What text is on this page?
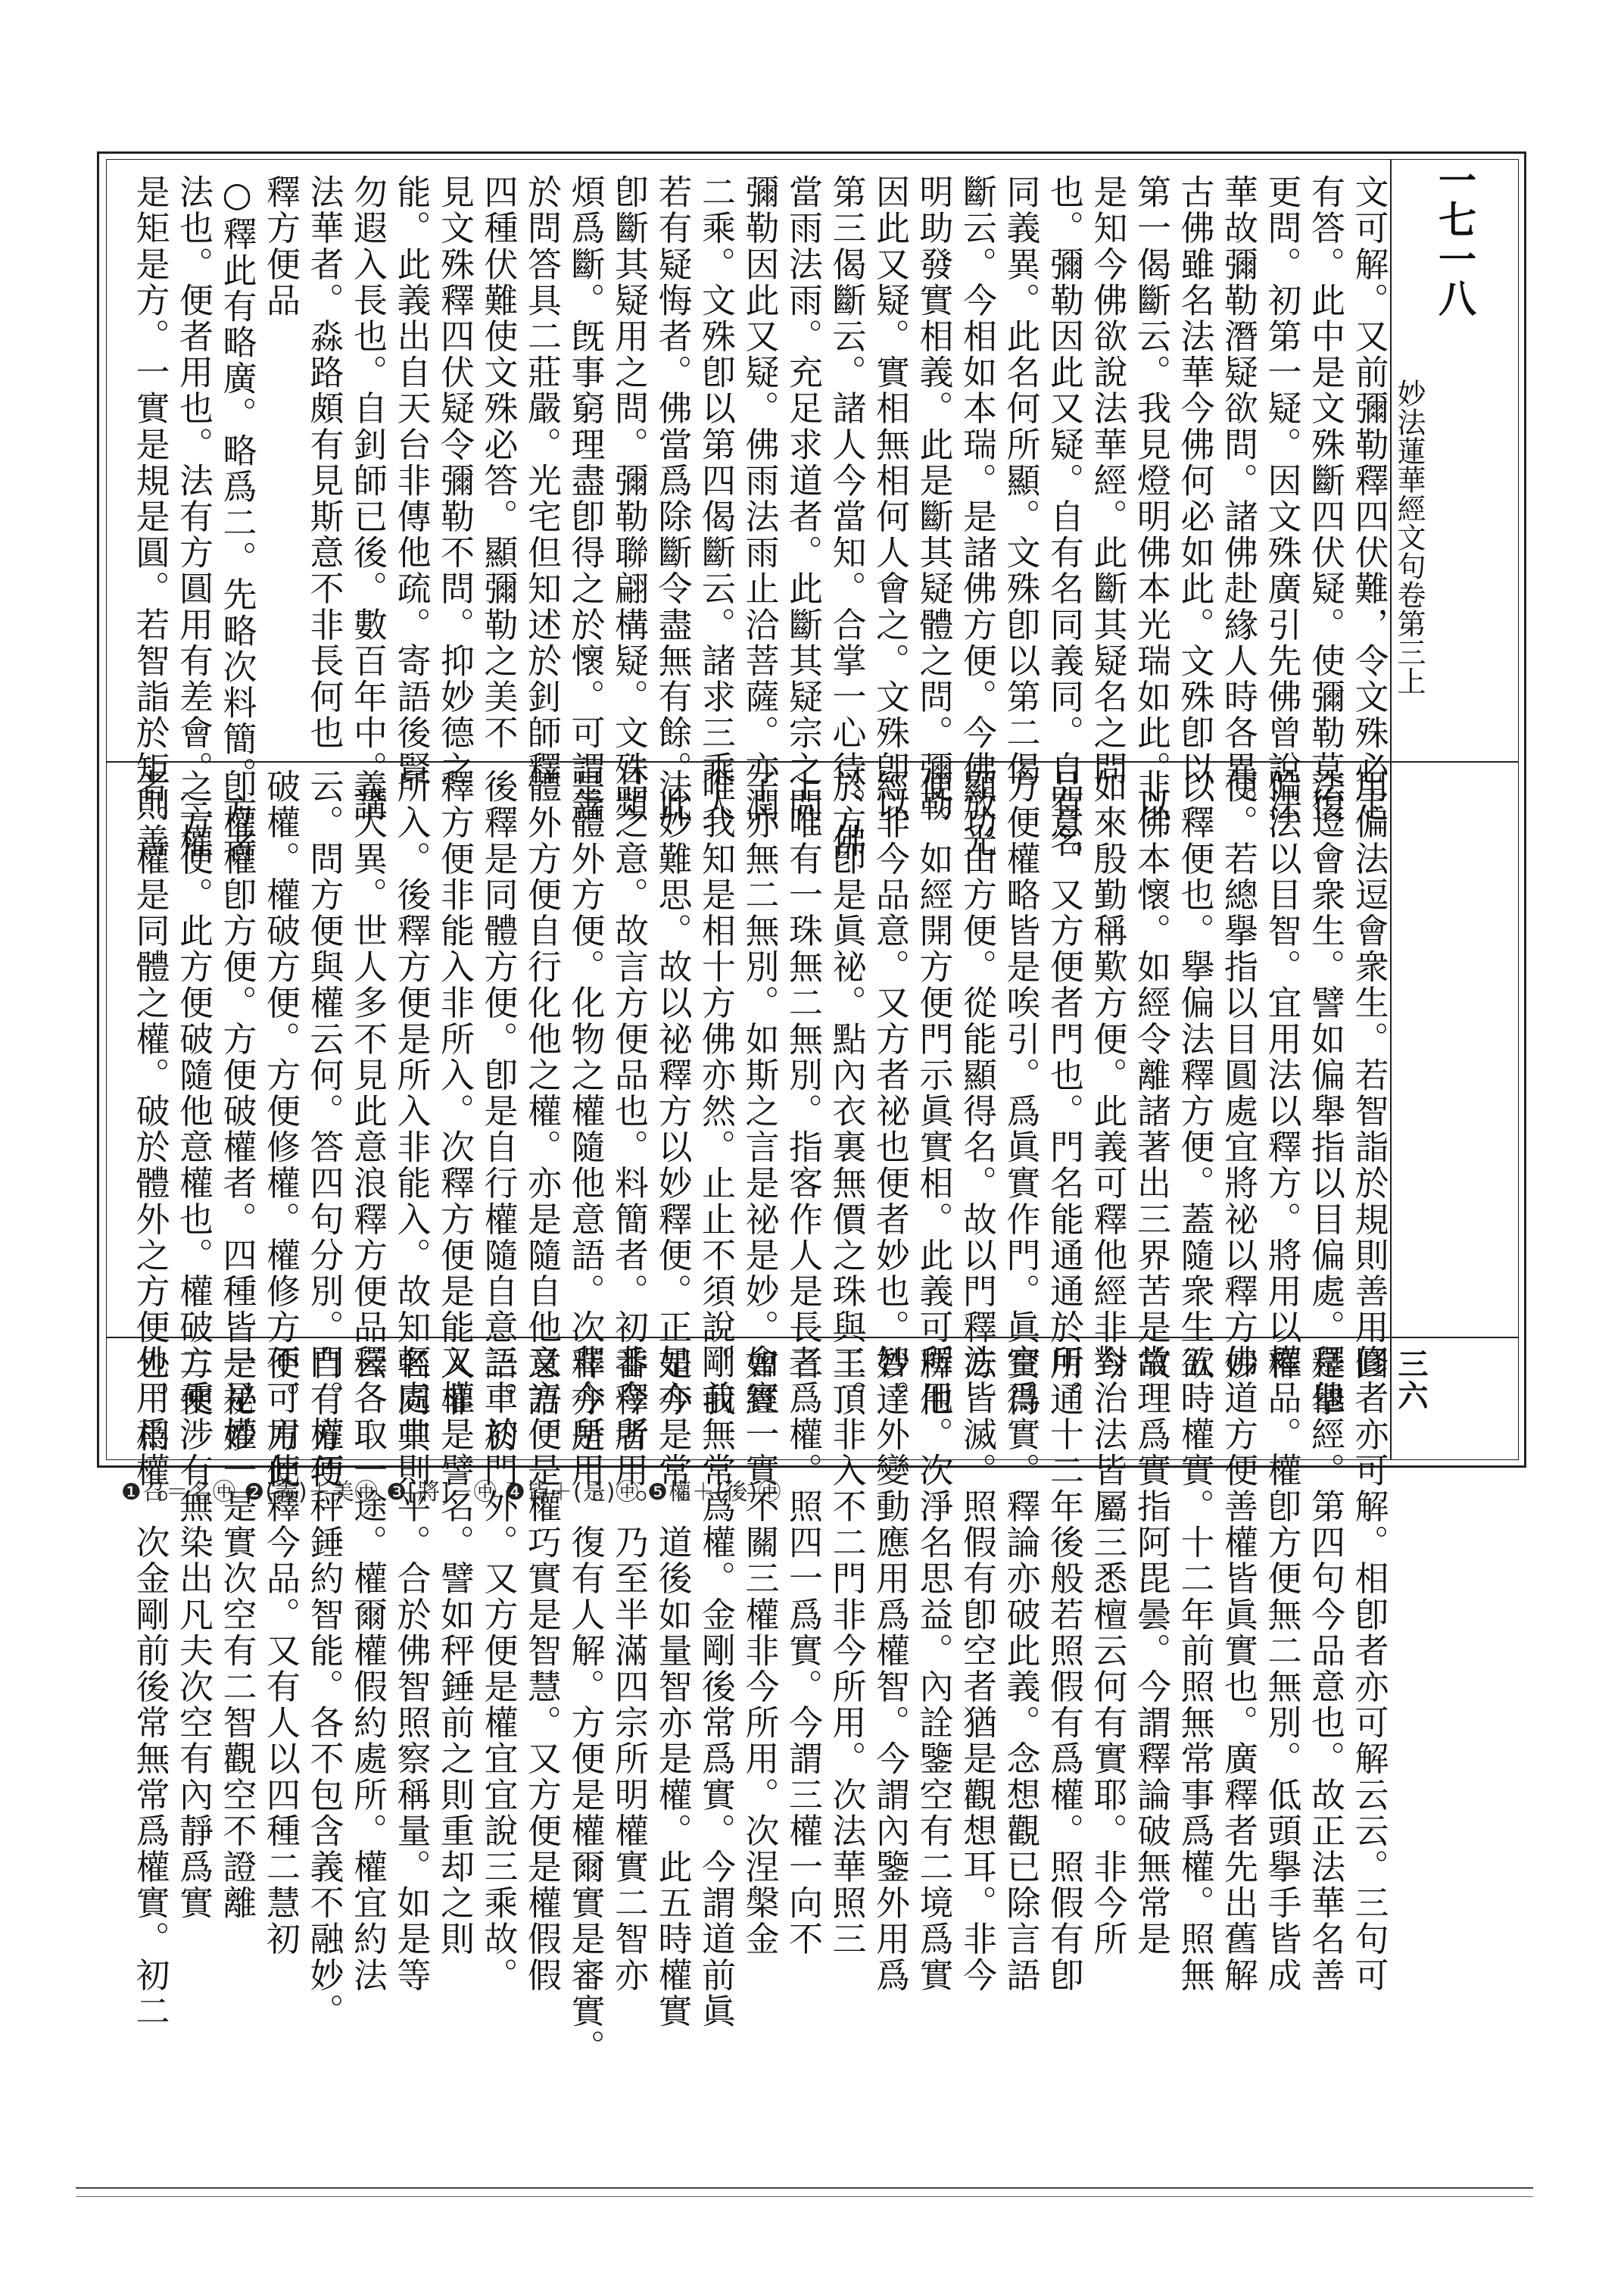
一七一八
妙法蓮華經文句卷第三上
三六
文可解。又前彌勒釋四伏難，令文殊必定
有答。此中是文殊斷四伏疑。使彌勒莫復
更問。初第一疑。因文殊廣引先佛曾說法
華故彌勒潛疑欲問。諸佛赴緣人時各異。
古佛雖名法華今佛何必如此。文殊卽以
第一偈斷云。我見燈明佛本光瑞如此。以
是知今佛欲說法華經。此斷其疑名之問
也。彌勒因此又疑。自有名同義同。自有名
同義異。此名何所顯。文殊卽以第二偈
斷云。今相如本瑞。是諸佛方便。今佛放光
明助發實相義。此是斷其疑體之問。彌勒
因此又疑。實相無相何人會之。文殊卽以
第三偈斷云。諸人今當知。合掌一心待。佛
當雨法雨。充足求道者。此斷其疑宗之問。
彌勒因此又疑。佛雨法雨止洽菩薩。亦潤
二乘。文殊卽以第四偈斷云。諸求三乘人
若有疑悔者。佛當爲除斷令盡無有餘。此
卽斷其疑用之問。彌勒聯翩構疑。文殊頻
煩爲斷。旣事窮理盡卽得之於懷。可謂善
於問答具二莊嚴。光宅但知述於釗師釋
四種伏難使文殊必答。顯彌勒之美不
見文殊釋四伏疑令彌勒不問。抑妙德之
能。此義出自天台非傳他疏。寄語後賢
勿遐入長也。自釗師已後。數百年中。講
法華者。淼路頗有見斯意不非長何也
釋方便品
○釋此有略廣。略爲二。先略次料簡。方者
法也。便者用也。法有方圓用有差會。三權
是矩是方。一實是規是圓。若智詣於矩則善
用偏法逗會衆生。若智詣於規則善用圓
法逗會衆生。譬如偏舉指以目偏處。是擧
偏法以目智。宜用法以釋方。將用以釋
便。若總擧指以目圓處宜將祕以釋方妙
以釋便也。擧偏法釋方便。蓋隨衆生欲
非佛本懷。如經令離諸著出三界苦是故
如來殷勤稱歎方便。此義可釋他經非今
品意。又方便者門也。門名能通通於所通
方便權略皆是唉引。爲眞實作門。眞實得
顯功由方便。從能顯得名。故以門釋方
便。如經開方便門示眞實相。此義可釋他
經非今品意。又方者祕也便者妙也。妙達
於方卽是眞祕。點內衣裏無價之珠與王頂
上唯有一珠無二無別。指客作人是長者
子亦無二無別。如斯之言是祕是妙。如經
唯我知是相十方佛亦然。止止不須說。我
法妙難思。故以祕釋方以妙釋便。正是今
品之意。故言方便品也。料簡者。初番釋者
是體外方便。化物之權隨他意語。次釋亦是
體外方便自行化他之權。亦是隨自他意語。
後釋是同體方便。卽是自行權隨自意語。初
釋方便非能入非所入。次釋方便是能入非
所入。後釋方便是所入非能入。故知名同其
義大異。世人多不見此意浪釋方便品云
云。問方便與權云何。答四句分別。自有方便
破權。權破方便。方便修權。權修方便。方便
卽權權卽方便。方便破權者。四種皆是祕妙
之方便。此方便破隨他意權也。權破方便
者。權是同體之權。破於體外之方便也。相
修者亦可解。相卽者亦可解云云。三句可
釋他經。第四句今品意也。故正法華名善
權品。權卽方便無二無別。低頭擧手皆成
佛道方便善權皆眞實也。廣釋者先出舊解
五時權實。十二年前照無常事爲權。照無
常理爲實指阿毘曇。今謂釋論破無常是
對治法皆屬三悉檀云何有實耶。非今所
用。十二年後般若照假有爲權。照假有卽
空爲實。釋論亦破此義。念想觀已除言語
法皆滅。照假有卽空者猶是觀想耳。非今
所用。次淨名思益。內詮鑒空有二境爲實
智。外變動應用爲權智。今謂內鑒外用爲
二。非入不二門非今所用。次法華照三
三爲權。照四一爲實。今謂三權一向不
會實一實不關三權非今所用。次涅槃金
剛前無常爲權。金剛後常爲實。今謂道前眞
如亦是常。道後如量智亦是權。此五時權實
非今所用。乃至半滿四宗所明權實二智亦
非今所用。復有人解。方便是權爾實是審實。
又方便是權巧實是智慧。又方便是權假假
三車於門外。又方便是權宜宜說三乘故。
又權是譬名。譬如秤錘前之則重却之則
輕處中則平。合於佛智照察稱量。如是等
釋各取一途。權爾權假約處所。權宜約法
門。權巧秤錘約智能。各不包含義不融妙。
不可用此釋今品。又有人以四種二慧初
一是權一是實次空有二智觀空不證離
二乘涉有無染出凡夫次空有內靜爲實
外用爲權。次金剛前後常無常爲權實。初二
❶召＝名㊥ ❷(義)＋美㊥ ❸[將]－㊥ ❹皆＋(是)㊥ ❺權＋(後)㊥
